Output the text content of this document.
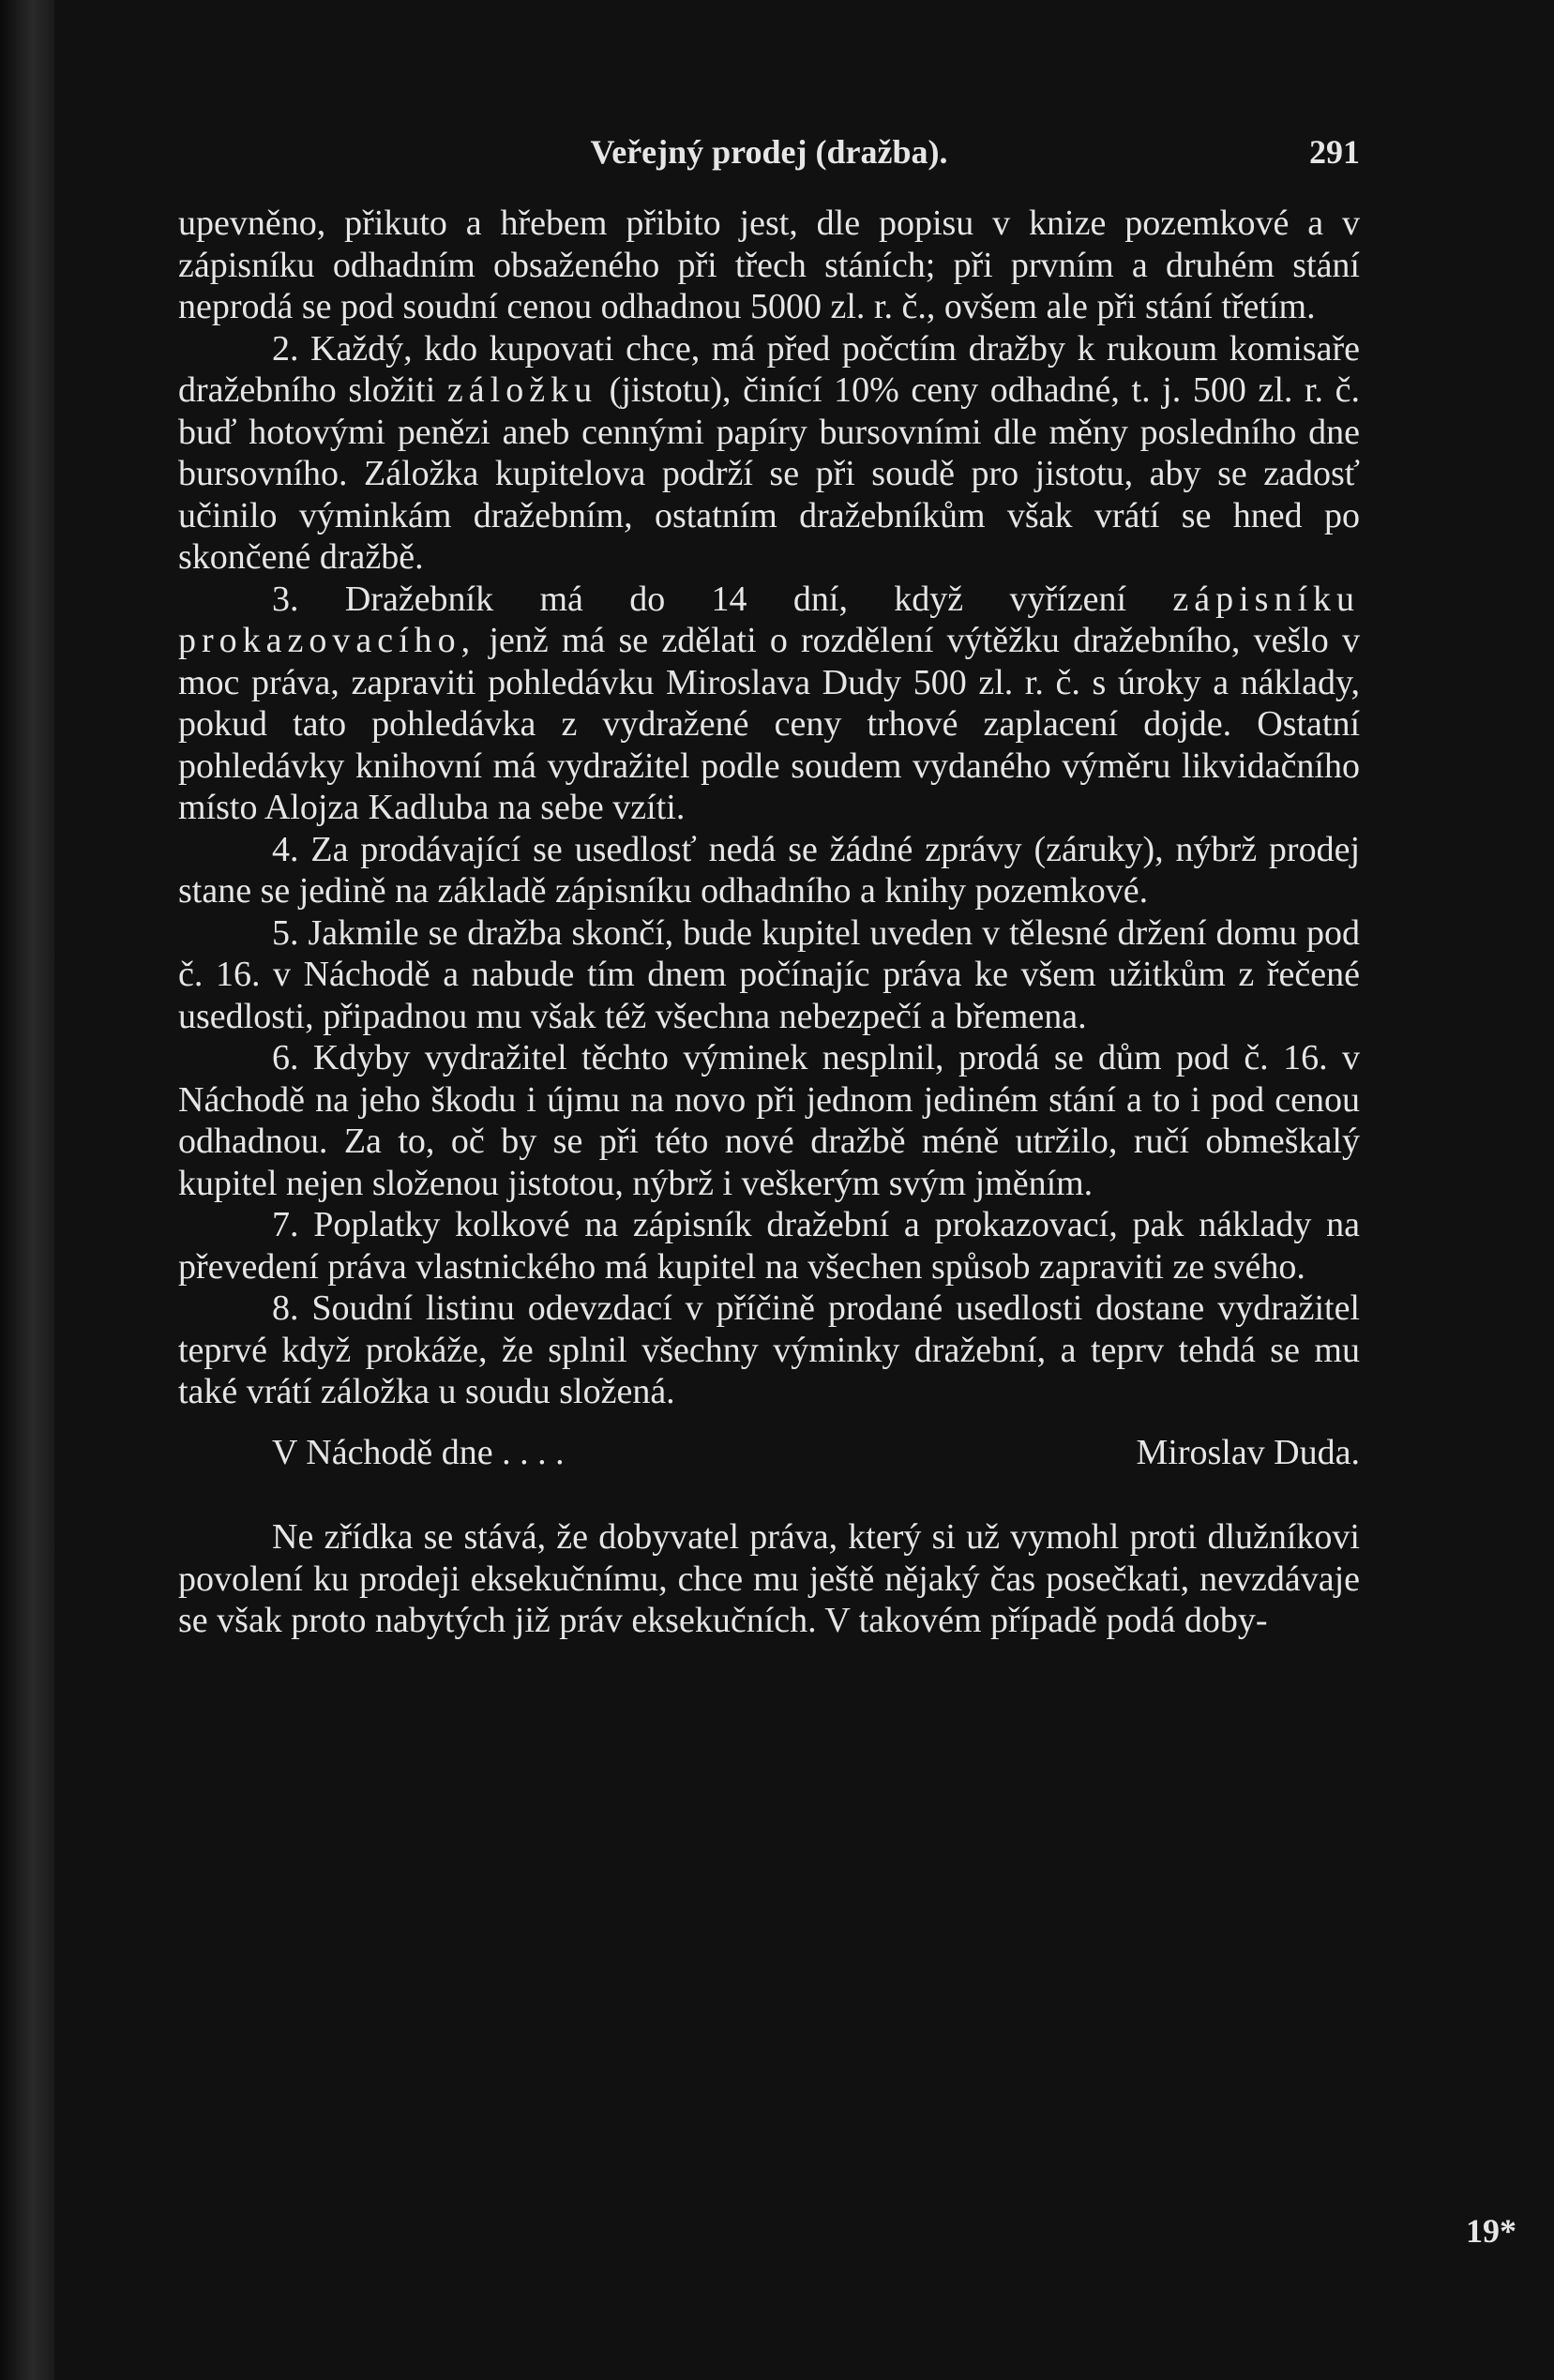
Veřejný prodej (dražba).	291

upevněno, přikuto a hřebem přibito jest, dle popisu v knize pozemkové a v zápisníku odhadním obsaženého při třech stáních; při prvním a druhém stání neprodá se pod soudní cenou odhadnou 5000 zl. r. č., ovšem ale při stání třetím.

2. Každý, kdo kupovati chce, má před počctím dražby k rukoum komisaře dražebního složiti záložku (jistotu), činící 10% ceny odhadné, t. j. 500 zl. r. č. buď hotovými penězi aneb cennými papíry bursovními dle měny posledního dne bursovního. Záložka kupitelova podrží se při soudě pro jistotu, aby se zadosť učinilo výminkám dražebním, ostatním dražebníkům však vrátí se hned po skončené dražbě.

3. Dražebník má do 14 dní, když vyřízení zápisníku prokazovacího, jenž má se zdělati o rozdělení výtěžku dražebního, vešlo v moc práva, zapraviti pohledávku Miroslava Dudy 500 zl. r. č. s úroky a náklady, pokud tato pohledávka z vydražené ceny trhové zaplacení dojde. Ostatní pohledávky knihovní má vydražitel podle soudem vydaného výměru likvidačního místo Alojza Kadluba na sebe vzíti.

4. Za prodávající se usedlosť nedá se žádné zprávy (záruky), nýbrž prodej stane se jedině na základě zápisníku odhadního a knihy pozemkové.

5. Jakmile se dražba skončí, bude kupitel uveden v tělesné držení domu pod č. 16. v Náchodě a nabude tím dnem počínajíc práva ke všem užitkům z řečené usedlosti, připadnou mu však též všechna nebezpečí a břemena.

6. Kdyby vydražitel těchto výminek nesplnil, prodá se dům pod č. 16. v Náchodě na jeho škodu i újmu na novo při jednom jediném stání a to i pod cenou odhadnou. Za to, oč by se při této nové dražbě méně utržilo, ručí obmeškalý kupitel nejen složenou jistotou, nýbrž i veškerým svým jměním.

7. Poplatky kolkové na zápisník dražební a prokazovací, pak náklady na převedení práva vlastnického má kupitel na všechen spůsob zapraviti ze svého.

8. Soudní listinu odevzdací v příčině prodané usedlosti dostane vydražitel teprvé když prokáže, že splnil všechny výminky dražební, a teprv tehdá se mu také vrátí záložka u soudu složená.

V Náchodě dne . . . .	Miroslav Duda.

Ne zřídka se stává, že dobyvatel práva, který si už vymohl proti dlužníkovi povolení ku prodeji eksekučnímu, chce mu ještě nějaký čas posečkati, nevzdávaje se však proto nabytých již práv eksekučních. V takovém případě podá doby-

19*
